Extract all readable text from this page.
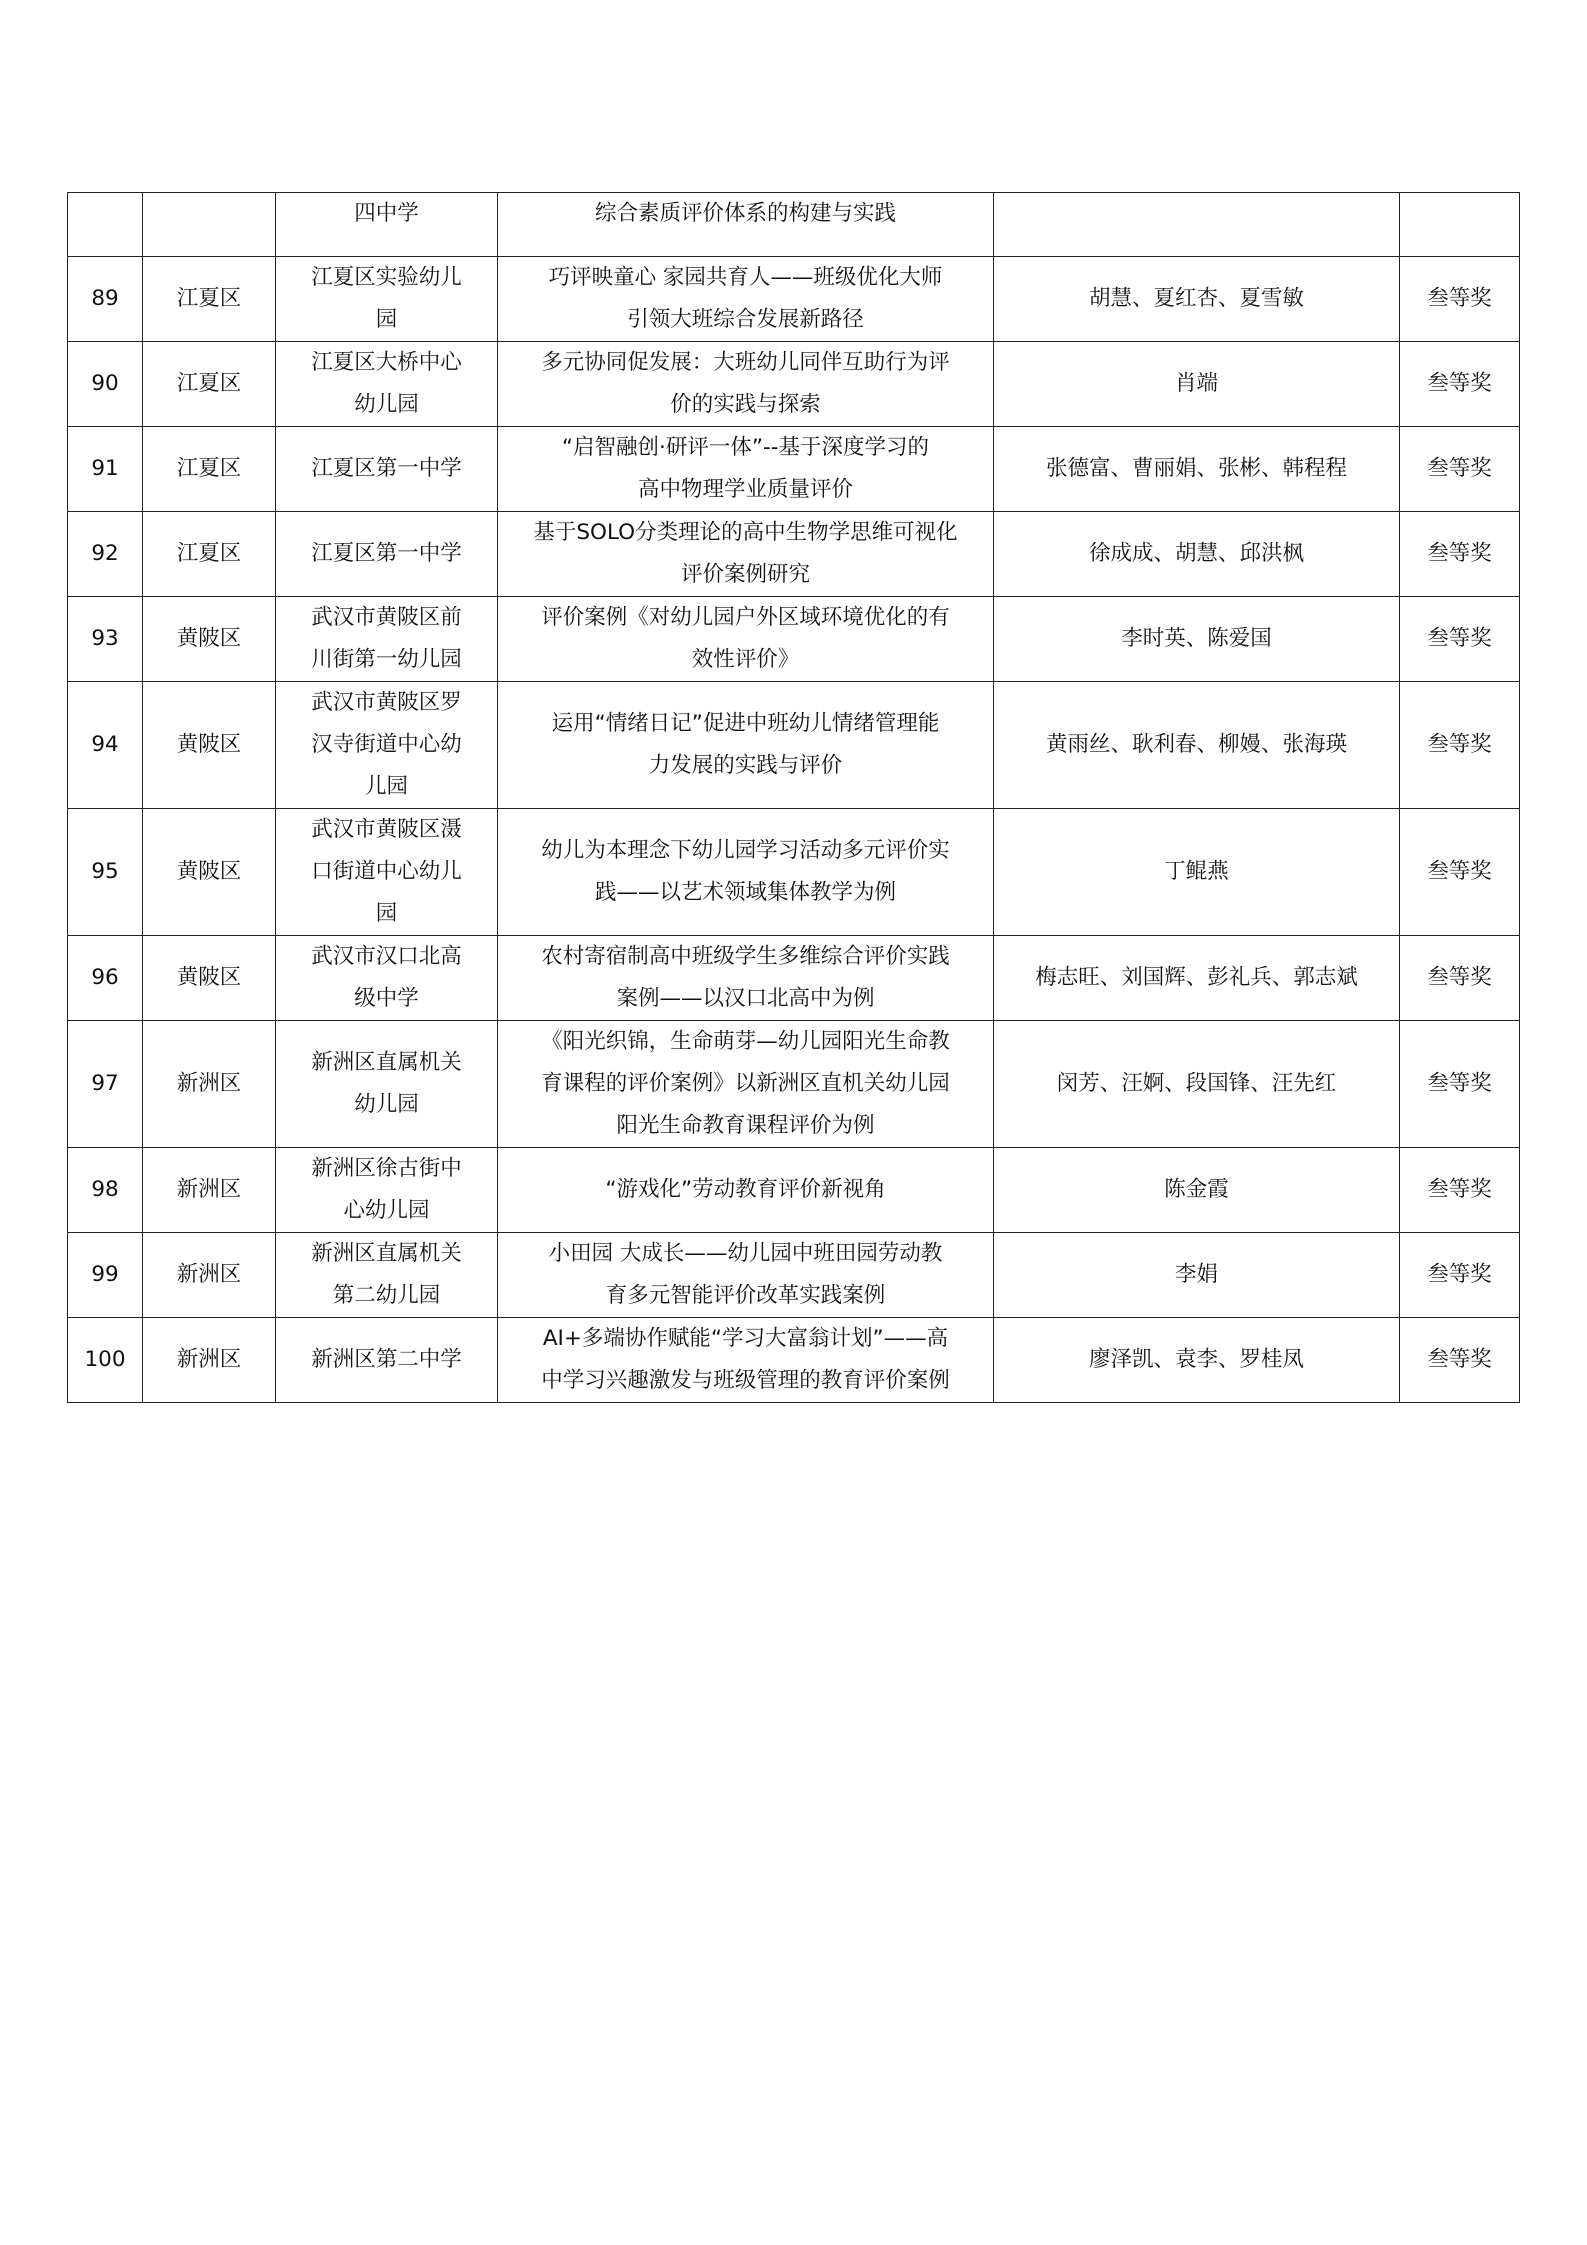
		四中学	综合素质评价体系的构建与实践		

89	江夏区	江夏区实验幼儿
园	巧评映童心 家园共育人——班级优化大师
引领大班综合发展新路径	胡慧、夏红杏、夏雪敏	叁等奖
90	江夏区	江夏区大桥中心
幼儿园	多元协同促发展：大班幼儿同伴互助行为评
价的实践与探索	肖端	叁等奖
91	江夏区	江夏区第一中学	“启智融创·研评一体”--基于深度学习的
高中物理学业质量评价	张德富、曹丽娟、张彬、韩程程	叁等奖
92	江夏区	江夏区第一中学	基于SOLO分类理论的高中生物学思维可视化
评价案例研究	徐成成、胡慧、邱洪枫	叁等奖
93	黄陂区	武汉市黄陂区前
川街第一幼儿园	评价案例《对幼儿园户外区域环境优化的有
效性评价》	李时英、陈爱国	叁等奖
94	黄陂区	武汉市黄陂区罗
汉寺街道中心幼
儿园	运用“情绪日记”促进中班幼儿情绪管理能
力发展的实践与评价	黄雨丝、耿利春、柳嫚、张海瑛	叁等奖
95	黄陂区	武汉市黄陂区滠
口街道中心幼儿
园	幼儿为本理念下幼儿园学习活动多元评价实
践——以艺术领域集体教学为例	丁鲲燕	叁等奖
96	黄陂区	武汉市汉口北高
级中学	农村寄宿制高中班级学生多维综合评价实践
案例——以汉口北高中为例	梅志旺、刘国辉、彭礼兵、郭志斌	叁等奖
97	新洲区	新洲区直属机关
幼儿园	《阳光织锦，生命萌芽—幼儿园阳光生命教
育课程的评价案例》以新洲区直机关幼儿园
阳光生命教育课程评价为例	闵芳、汪婀、段国锋、汪先红	叁等奖
98	新洲区	新洲区徐古街中
心幼儿园	“游戏化”劳动教育评价新视角	陈金霞	叁等奖
99	新洲区	新洲区直属机关
第二幼儿园	小田园 大成长——幼儿园中班田园劳动教
育多元智能评价改革实践案例	李娟	叁等奖
100	新洲区	新洲区第二中学	AI+多端协作赋能“学习大富翁计划”——高
中学习兴趣激发与班级管理的教育评价案例	廖泽凯、袁李、罗桂凤	叁等奖
